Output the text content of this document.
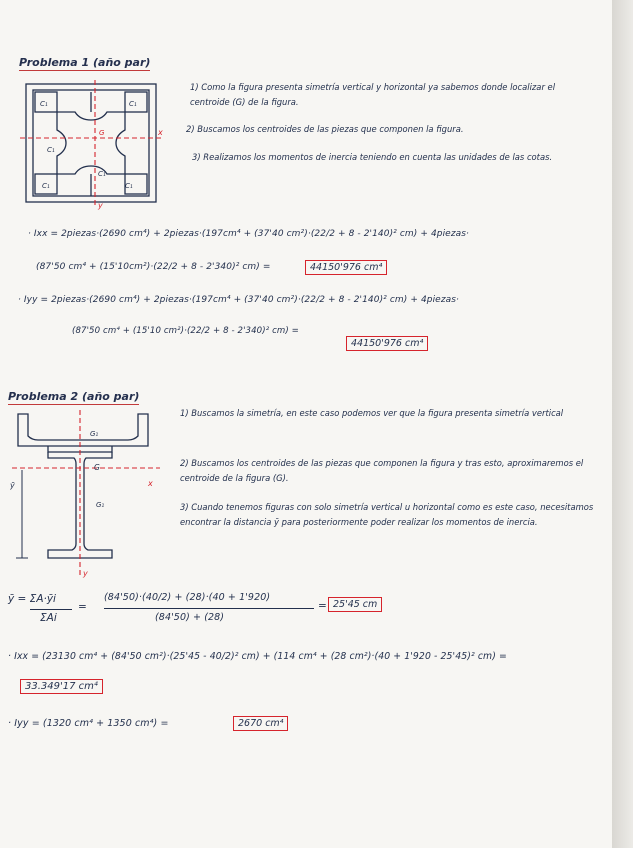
Problema 1 (año par)
C₁	C₁
C₁	C₁
C₁
C₁
G	x
y
1) Como la figura presenta simetría vertical y horizontal ya sabemos donde localizar el centroide (G) de la figura.
2) Buscamos los centroides de las piezas que componen la figura.
3) Realizamos los momentos de inercia teniendo en cuenta las unidades de las cotas.
· Ixx = 2piezas·(2690 cm⁴) + 2piezas·(197cm⁴ + (37'40 cm²)·(22/2 + 8 - 2'140)² cm) + 4piezas·
(87'50 cm⁴ + (15'10cm²)·(22/2 + 8 - 2'340)² cm) =	44150'976 cm⁴
· Iyy = 2piezas·(2690 cm⁴) + 2piezas·(197cm⁴ + (37'40 cm²)·(22/2 + 8 - 2'140)² cm) + 4piezas·
(87'50 cm⁴ + (15'10 cm²)·(22/2 + 8 - 2'340)² cm) =
44150'976 cm⁴
Problema 2 (año par)
G₁
G₁
G
x
y
ȳ
1) Buscamos la simetría, en este caso podemos ver que la figura presenta simetría vertical
2) Buscamos los centroides de las piezas que componen la figura y tras esto, aproximaremos el centroide de la figura (G).
3) Cuando tenemos figuras con solo simetría vertical u horizontal como es este caso, necesitamos encontrar la distancia ȳ para posteriormente poder realizar los momentos de inercia.
ȳ = ΣA·ȳi
ΣAi
=
(84'50)·(40/2) + (28)·(40 + 1'920)
(84'50) + (28)
= 25'45 cm
· Ixx = (23130 cm⁴ + (84'50 cm²)·(25'45 - 40/2)² cm) + (114 cm⁴ + (28 cm²)·(40 + 1'920 - 25'45)² cm) =
33.349'17 cm⁴
· Iyy = (1320 cm⁴ + 1350 cm⁴) =	2670 cm⁴
